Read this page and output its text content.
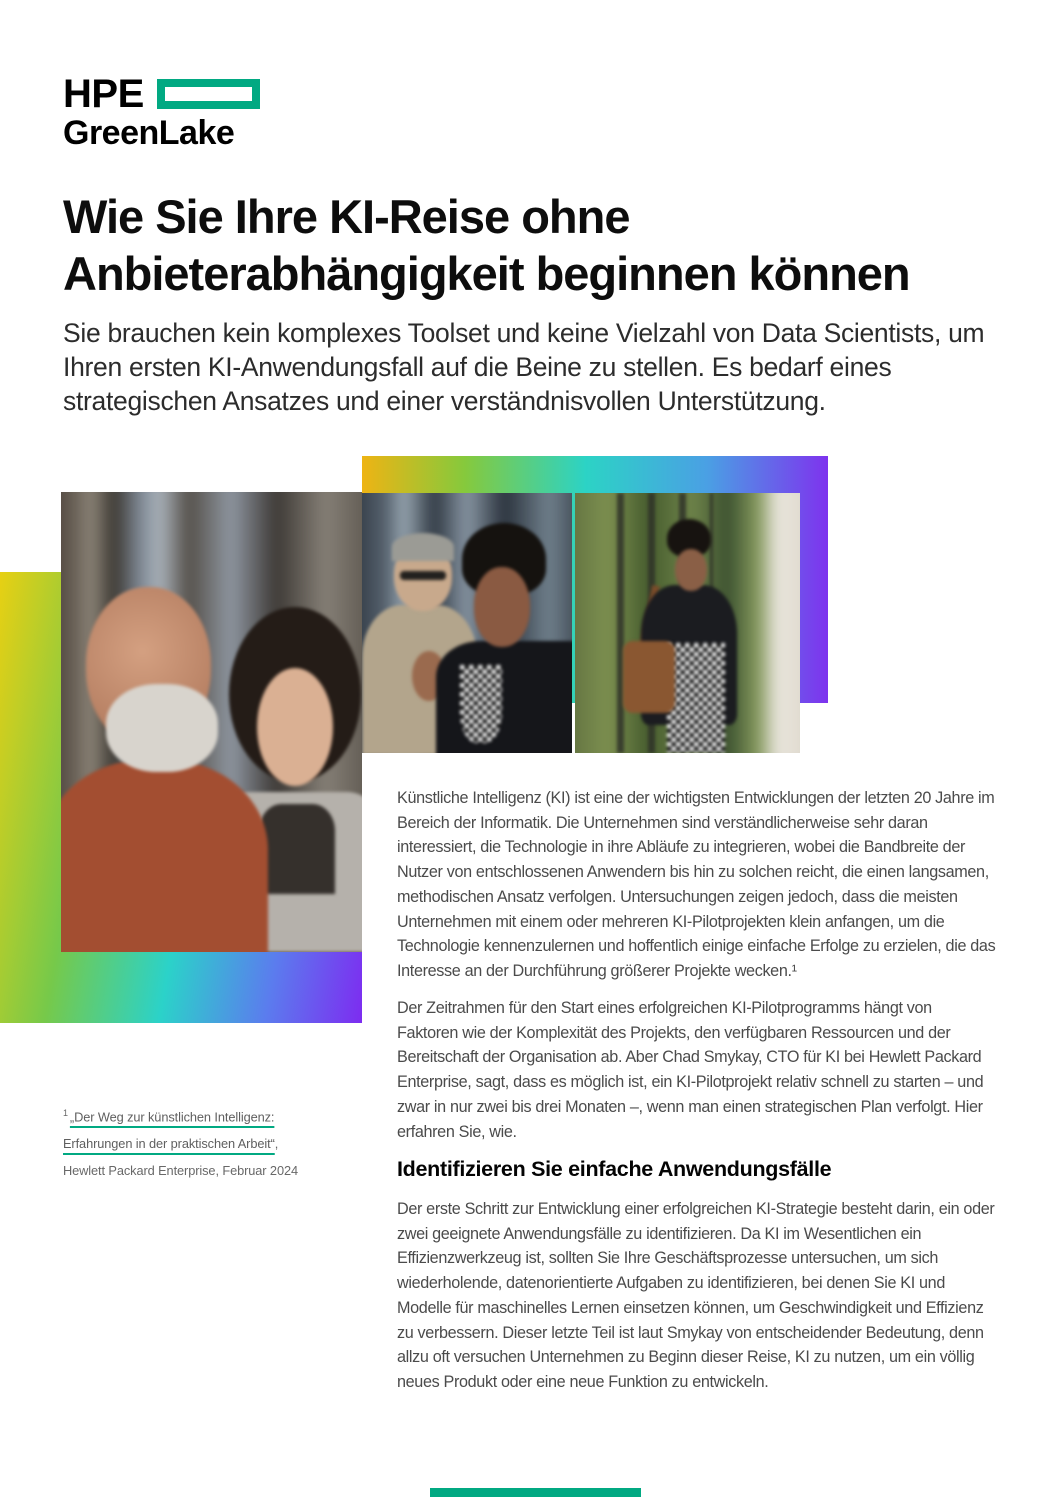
HPE
GreenLake
Wie Sie Ihre KI-Reise ohne Anbieterabhängigkeit beginnen können

Sie brauchen kein komplexes Toolset und keine Vielzahl von Data Scientists, um Ihren ersten KI-Anwendungsfall auf die Beine zu stellen. Es bedarf eines strategischen Ansatzes und einer verständnisvollen Unterstützung.

Künstliche Intelligenz (KI) ist eine der wichtigsten Entwicklungen der letzten 20 Jahre im Bereich der Informatik. Die Unternehmen sind verständlicherweise sehr daran interessiert, die Technologie in ihre Abläufe zu integrieren, wobei die Bandbreite der Nutzer von entschlossenen Anwendern bis hin zu solchen reicht, die einen langsamen, methodischen Ansatz verfolgen. Untersuchungen zeigen jedoch, dass die meisten Unternehmen mit einem oder mehreren KI-Pilotprojekten klein anfangen, um die Technologie kennenzulernen und hoffentlich einige einfache Erfolge zu erzielen, die das Interesse an der Durchführung größerer Projekte wecken.¹

Der Zeitrahmen für den Start eines erfolgreichen KI-Pilotprogramms hängt von Faktoren wie der Komplexität des Projekts, den verfügbaren Ressourcen und der Bereitschaft der Organisation ab. Aber Chad Smykay, CTO für KI bei Hewlett Packard Enterprise, sagt, dass es möglich ist, ein KI-Pilotprojekt relativ schnell zu starten – und zwar in nur zwei bis drei Monaten –, wenn man einen strategischen Plan verfolgt. Hier erfahren Sie, wie.

Identifizieren Sie einfache Anwendungsfälle

Der erste Schritt zur Entwicklung einer erfolgreichen KI-Strategie besteht darin, ein oder zwei geeignete Anwendungsfälle zu identifizieren. Da KI im Wesentlichen ein Effizienzwerkzeug ist, sollten Sie Ihre Geschäftsprozesse untersuchen, um sich wiederholende, datenorientierte Aufgaben zu identifizieren, bei denen Sie KI und Modelle für maschinelles Lernen einsetzen können, um Geschwindigkeit und Effizienz zu verbessern. Dieser letzte Teil ist laut Smykay von entscheidender Bedeutung, denn allzu oft versuchen Unternehmen zu Beginn dieser Reise, KI zu nutzen, um ein völlig neues Produkt oder eine neue Funktion zu entwickeln.

$^1$ „Der Weg zur künstlichen Intelligenz: Erfahrungen in der praktischen Arbeit“, Hewlett Packard Enterprise, Februar 2024
